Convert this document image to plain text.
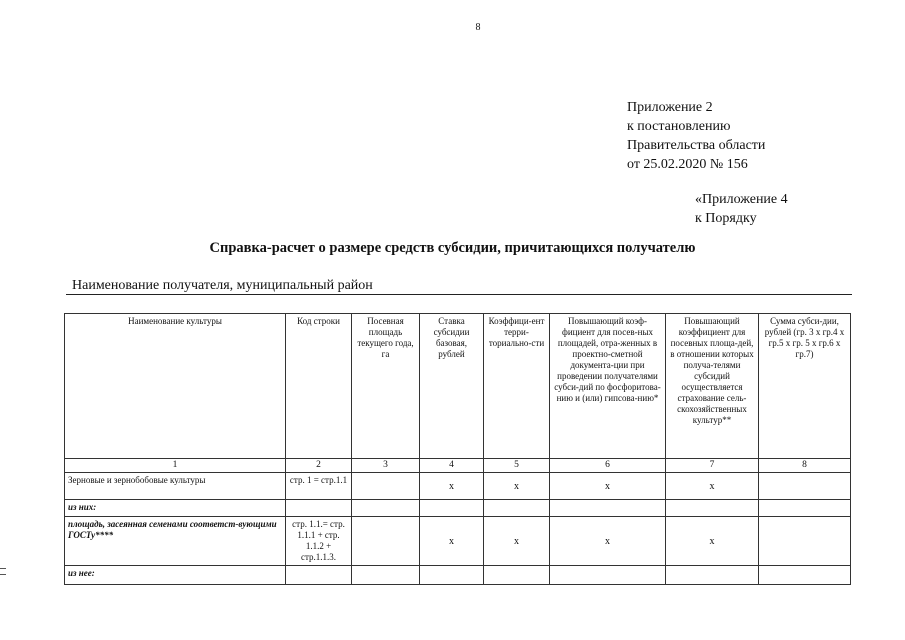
8
Приложение 2
к постановлению
Правительства области
от 25.02.2020 № 156
«Приложение 4
к Порядку
Справка-расчет о размере средств субсидии, причитающихся получателю
Наименование получателя, муниципальный район
Наименование культуры	Код строки	Посевная площадь текущего года, га	Ставка субсидии базовая, рублей	Коэффици-ент терри-ториально-сти	Повышающий коэф-фициент для посев-ных площадей, отра-женных в проектно-сметной документа-ции при проведении получателями субси-дий по фосфоритова-нию и (или) гипсова-нию*	Повышающий коэффициент для посевных площа-дей, в отношении которых получа-телями субсидий осуществляется страхование сель-скохозяйственных культур**	Сумма субси-дии, рублей (гр. 3 х гр.4 х гр.5 х гр. 5 х гр.6 х гр.7)
1	2	3	4	5	6	7	8
Зерновые и зернобобовые культуры	стр. 1 = стр.1.1		x	x	x	x	
из них:							
площадь, засеянная семенами соответст-вующими ГОСТу****	стр. 1.1.= стр. 1.1.1 + стр. 1.1.2 + стр.1.1.3.		x	x	x	x	
из нее:							
